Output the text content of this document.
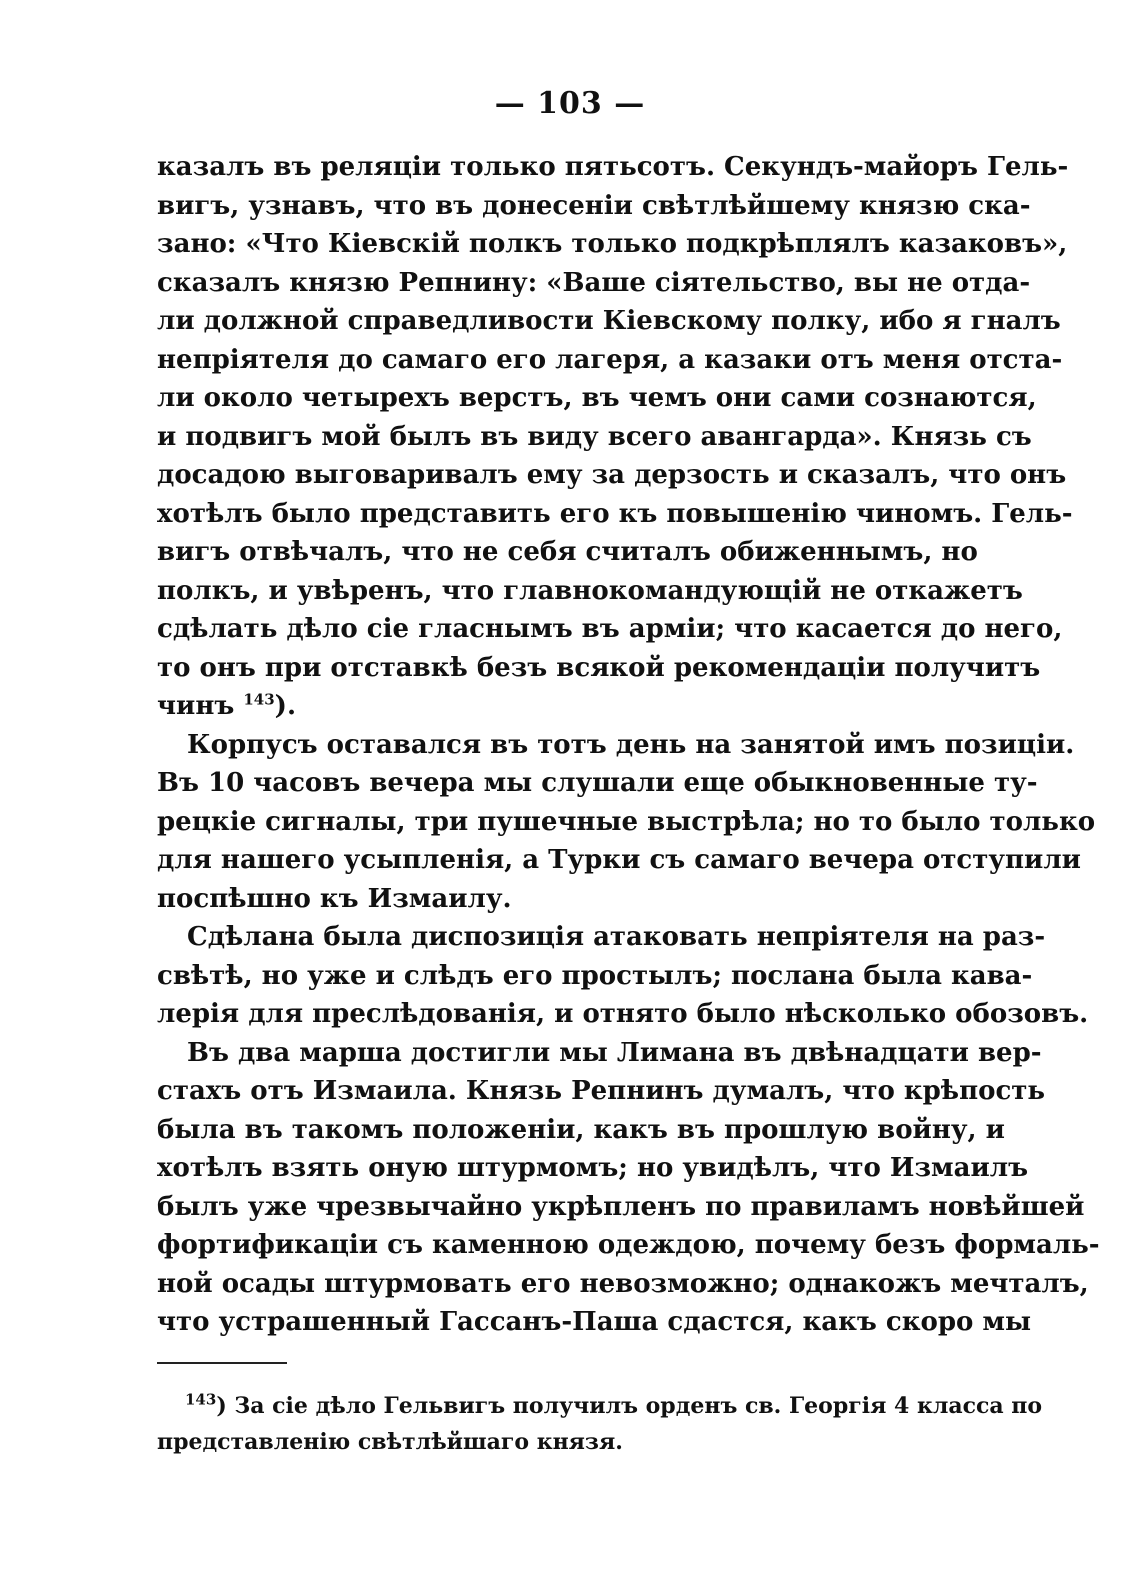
— 103 —
казалъ въ реляціи только пятьсотъ. Секундъ-майоръ Гель-
вигъ, узнавъ, что въ донесеніи свѣтлѣйшему князю ска-
зано: «Что Кіевскій полкъ только подкрѣплялъ казаковъ»,
сказалъ князю Репнину: «Ваше сіятельство, вы не отда-
ли должной справедливости Кіевскому полку, ибо я гналъ
непріятеля до самаго его лагеря, а казаки отъ меня отста-
ли около четырехъ верстъ, въ чемъ они сами сознаются,
и подвигъ мой былъ въ виду всего авангарда». Князь съ
досадою выговаривалъ ему за дерзость и сказалъ, что онъ
хотѣлъ было представить его къ повышенію чиномъ. Гель-
вигъ отвѣчалъ, что не себя считалъ обиженнымъ, но
полкъ, и увѣренъ, что главнокомандующій не откажетъ
сдѣлать дѣло сіе гласнымъ въ арміи; что касается до него,
то онъ при отставкѣ безъ всякой рекомендаціи получитъ
чинъ $^{143}$).
Корпусъ оставался въ тотъ день на занятой имъ позиціи.
Въ 10 часовъ вечера мы слушали еще обыкновенные ту-
рецкіе сигналы, три пушечные выстрѣла; но то было только
для нашего усыпленія, а Турки съ самаго вечера отступили
поспѣшно къ Измаилу.
Сдѣлана была диспозиція атаковать непріятеля на раз-
свѣтѣ, но уже и слѣдъ его простылъ; послана была кава-
лерія для преслѣдованія, и отнято было нѣсколько обозовъ.
Въ два марша достигли мы Лимана въ двѣнадцати вер-
стахъ отъ Измаила. Князь Репнинъ думалъ, что крѣпость
была въ такомъ положеніи, какъ въ прошлую войну, и
хотѣлъ взять оную штурмомъ; но увидѣлъ, что Измаилъ
былъ уже чрезвычайно укрѣпленъ по правиламъ новѣйшей
фортификаціи съ каменною одеждою, почему безъ формаль-
ной осады штурмовать его невозможно; однакожъ мечталъ,
что устрашенный Гассанъ-Паша сдастся, какъ скоро мы
$^{143}$) За сіе дѣло Гельвигъ получилъ орденъ св. Георгія 4 класса по
представленію свѣтлѣйшаго князя.
